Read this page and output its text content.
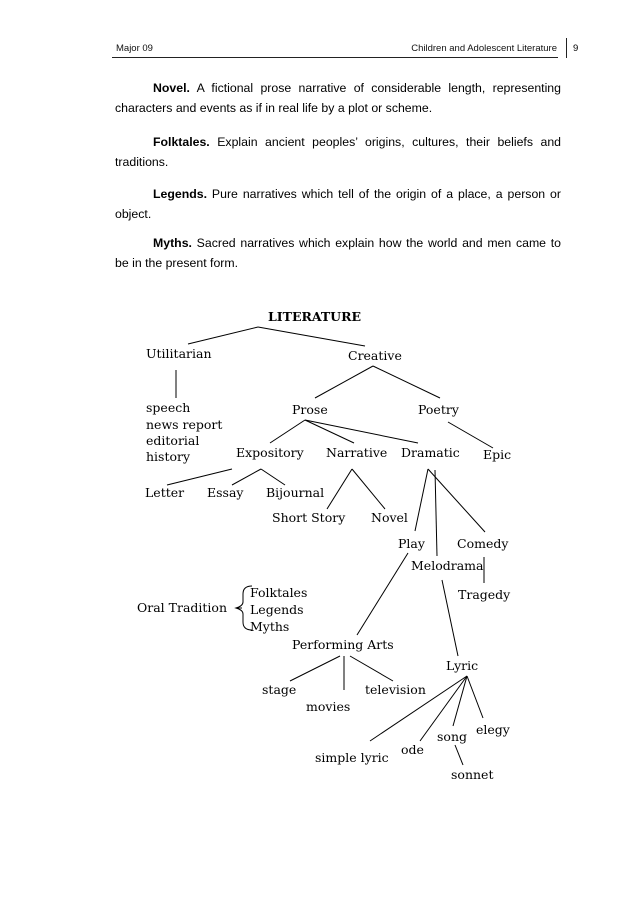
Major 09	Children and Adolescent Literature 9

Novel. A fictional prose narrative of considerable length, representing characters and events as if in real life by a plot or scheme.

Folktales. Explain ancient peoples’ origins, cultures, their beliefs and traditions.

Legends. Pure narratives which tell of the origin of a place, a person or object.

Myths. Sacred narratives which explain how the world and men came to be in the present form.

LITERATURE
Utilitarian	Creative
speech
news report
editorial
history
Prose	Poetry
Expository Narrative Dramatic Epic
Letter Essay Bijournal
Short Story Novel
Play	Comedy
Melodrama
Tragedy
Oral Tradition
Folktales
Legends
Myths
Performing Arts
Lyric
stage	television
movies
elegy
song
ode
simple lyric
sonnet
